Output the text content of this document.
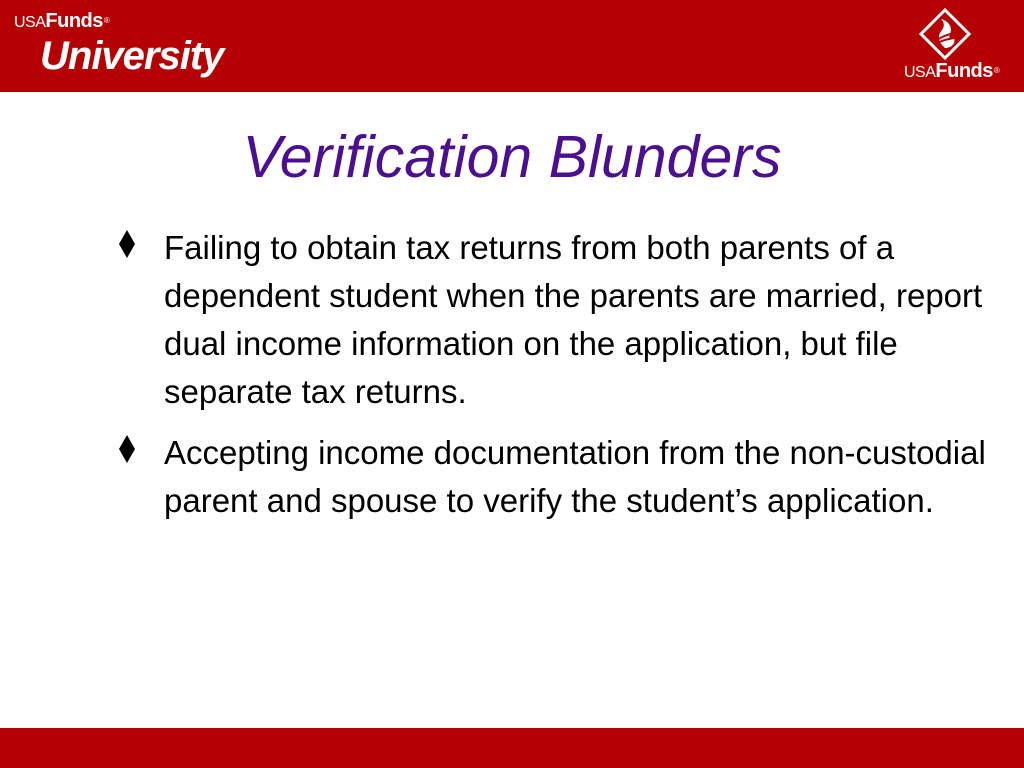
USAFunds®
University	USAFunds®
Verification Blunders
Failing to obtain tax returns from both parents of a dependent student when the parents are married, report dual income information on the application, but file separate tax returns.
Accepting income documentation from the non-custodial parent and spouse to verify the student’s application.
